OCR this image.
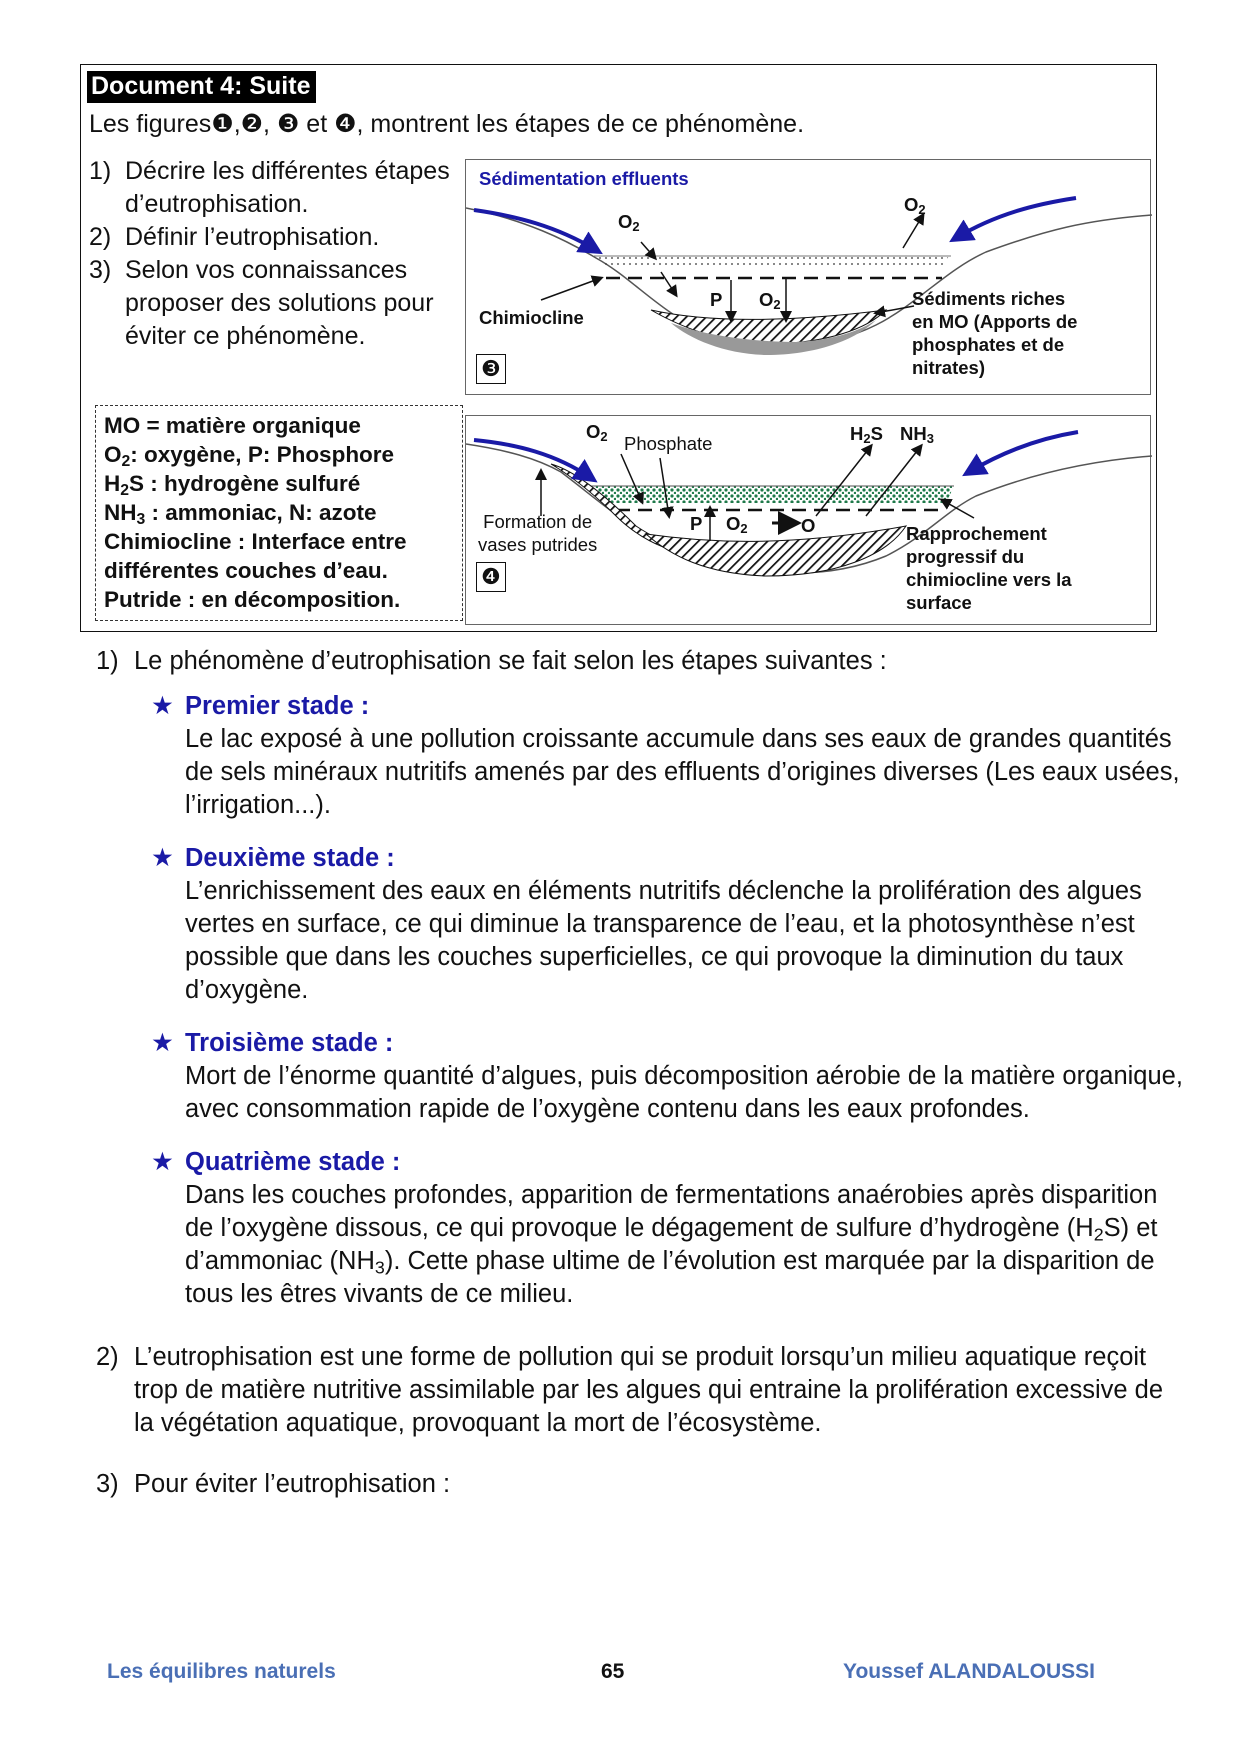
Document 4: Suite
Les figures❶,❷, ❸ et ❹, montrent les étapes de ce phénomène.
1) Décrire les différentes étapes d’eutrophisation.
2) Définir l’eutrophisation.
3) Selon vos connaissances proposer des solutions pour éviter ce phénomène.
MO = matière organique
$O_2$: oxygène, P: Phosphore
$H_2S$ : hydrogène sulfuré
$NH_3$ : ammoniac, N: azote
Chimiocline : Interface entre
différentes couches d’eau.
Putride : en décomposition.
Sédimentation effluents
$O_2$
$O_2$
P $O_2$
Chimiocline
Sédiments riches
en MO (Apports de
phosphates et de
nitrates)
❸
$O_2$ Phosphate	$H_2S$ $NH_3$
Formation de
vases putrides
P $O_2$	O	Rapprochement
progressif du
chimiocline vers la
surface
❹
1) Le phénomène d’eutrophisation se fait selon les étapes suivantes :
★ Premier stade :
Le lac exposé à une pollution croissante accumule dans ses eaux de grandes quantités de sels minéraux nutritifs amenés par des effluents d’origines diverses (Les eaux usées, l’irrigation...).
★ Deuxième stade :
L’enrichissement des eaux en éléments nutritifs déclenche la prolifération des algues vertes en surface, ce qui diminue la transparence de l’eau, et la photosynthèse n’est possible que dans les couches superficielles, ce qui provoque la diminution du taux d’oxygène.
★ Troisième stade :
Mort de l’énorme quantité d’algues, puis décomposition aérobie de la matière organique, avec consommation rapide de l’oxygène contenu dans les eaux profondes.
★ Quatrième stade :
Dans les couches profondes, apparition de fermentations anaérobies après disparition de l’oxygène dissous, ce qui provoque le dégagement de sulfure d’hydrogène $(H_2S)$ et d’ammoniac $(NH_3)$. Cette phase ultime de l’évolution est marquée par la disparition de tous les êtres vivants de ce milieu.
2) L’eutrophisation est une forme de pollution qui se produit lorsqu’un milieu aquatique reçoit trop de matière nutritive assimilable par les algues qui entraine la prolifération excessive de la végétation aquatique, provoquant la mort de l’écosystème.
3) Pour éviter l’eutrophisation :
Les équilibres naturels	65	Youssef ALANDALOUSSI
